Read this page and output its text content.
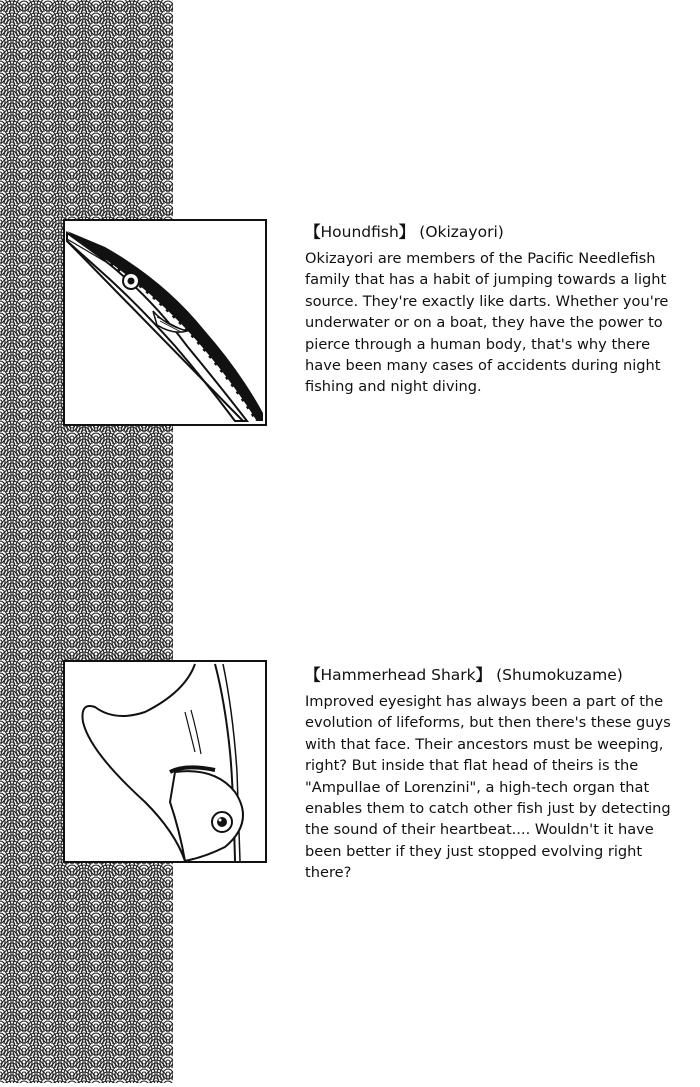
【Houndfish】 (Okizayori)

Okizayori are members of the Pacific Needlefish family that has a habit of jumping towards a light source. They're exactly like darts. Whether you're underwater or on a boat, they have the power to pierce through a human body, that's why there have been many cases of accidents during night fishing and night diving.

【Hammerhead Shark】 (Shumokuzame)

Improved eyesight has always been a part of the evolution of lifeforms, but then there's these guys with that face. Their ancestors must be weeping, right? But inside that flat head of theirs is the "Ampullae of Lorenzini", a high-tech organ that enables them to catch other fish just by detecting the sound of their heartbeat.... Wouldn't it have been better if they just stopped evolving right there?
